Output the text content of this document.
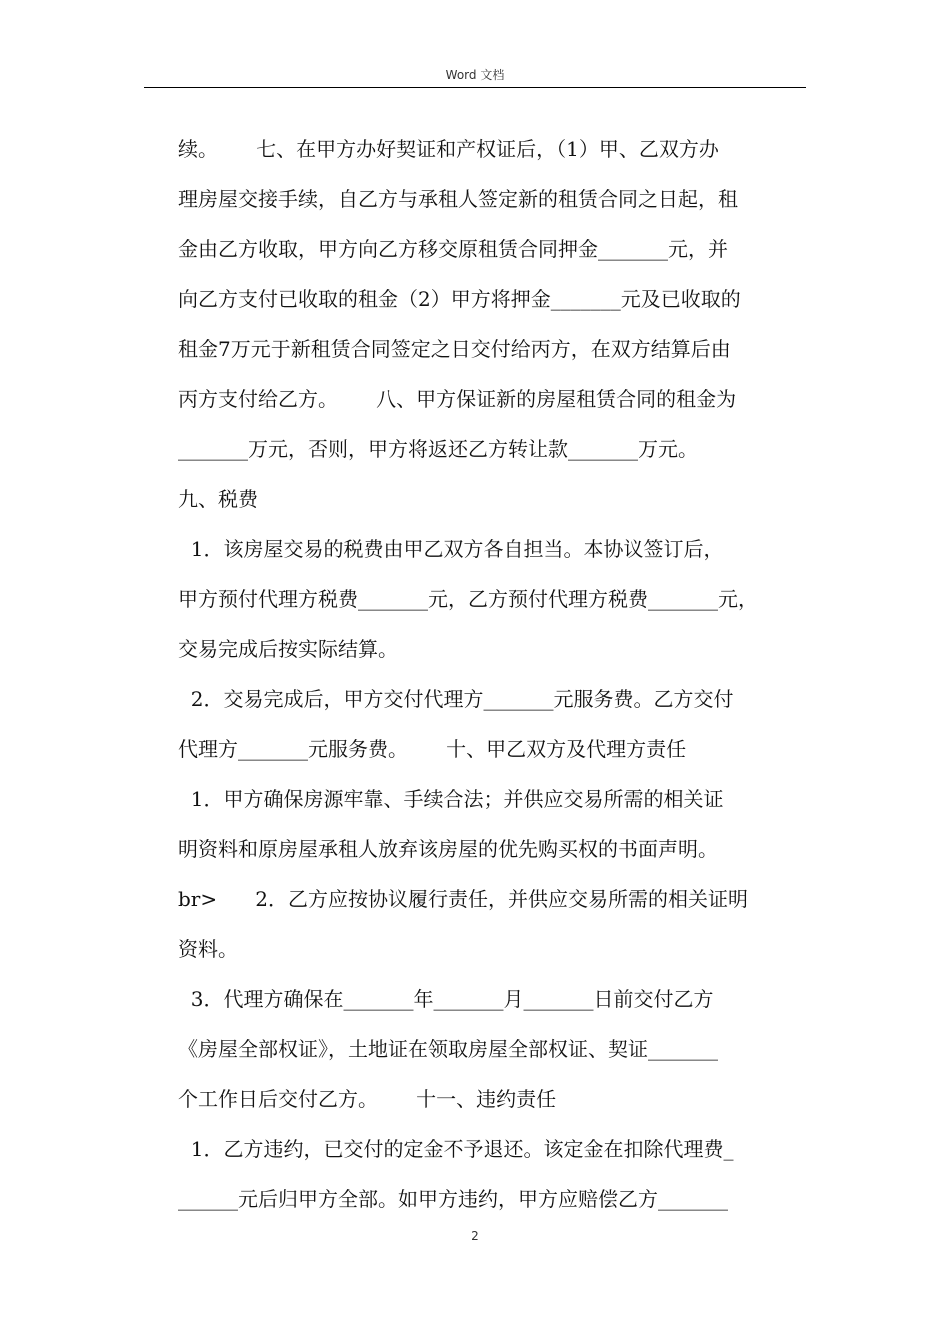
Word 文档
续。      七、在甲方办好契证和产权证后，（1）甲、乙双方办
理房屋交接手续，自乙方与承租人签定新的租赁合同之日起，租
金由乙方收取，甲方向乙方移交原租赁合同押金_______元，并
向乙方支付已收取的租金（2）甲方将押金_______元及已收取的
租金7万元于新租赁合同签定之日交付给丙方，在双方结算后由
丙方支付给乙方。      八、甲方保证新的房屋租赁合同的租金为
_______万元，否则，甲方将返还乙方转让款_______万元。
九、税费
1．该房屋交易的税费由甲乙双方各自担当。本协议签订后，
甲方预付代理方税费_______元，乙方预付代理方税费_______元，
交易完成后按实际结算。
2．交易完成后，甲方交付代理方_______元服务费。乙方交付
代理方_______元服务费。      十、甲乙双方及代理方责任
1．甲方确保房源牢靠、手续合法；并供应交易所需的相关证
明资料和原房屋承租人放弃该房屋的优先购买权的书面声明。
br>      2．乙方应按协议履行责任，并供应交易所需的相关证明
资料。
3．代理方确保在_______年_______月_______日前交付乙方
《房屋全部权证》，土地证在领取房屋全部权证、契证_______
个工作日后交付乙方。      十一、违约责任
1．乙方违约，已交付的定金不予退还。该定金在扣除代理费_
______元后归甲方全部。如甲方违约，甲方应赔偿乙方_______
2
